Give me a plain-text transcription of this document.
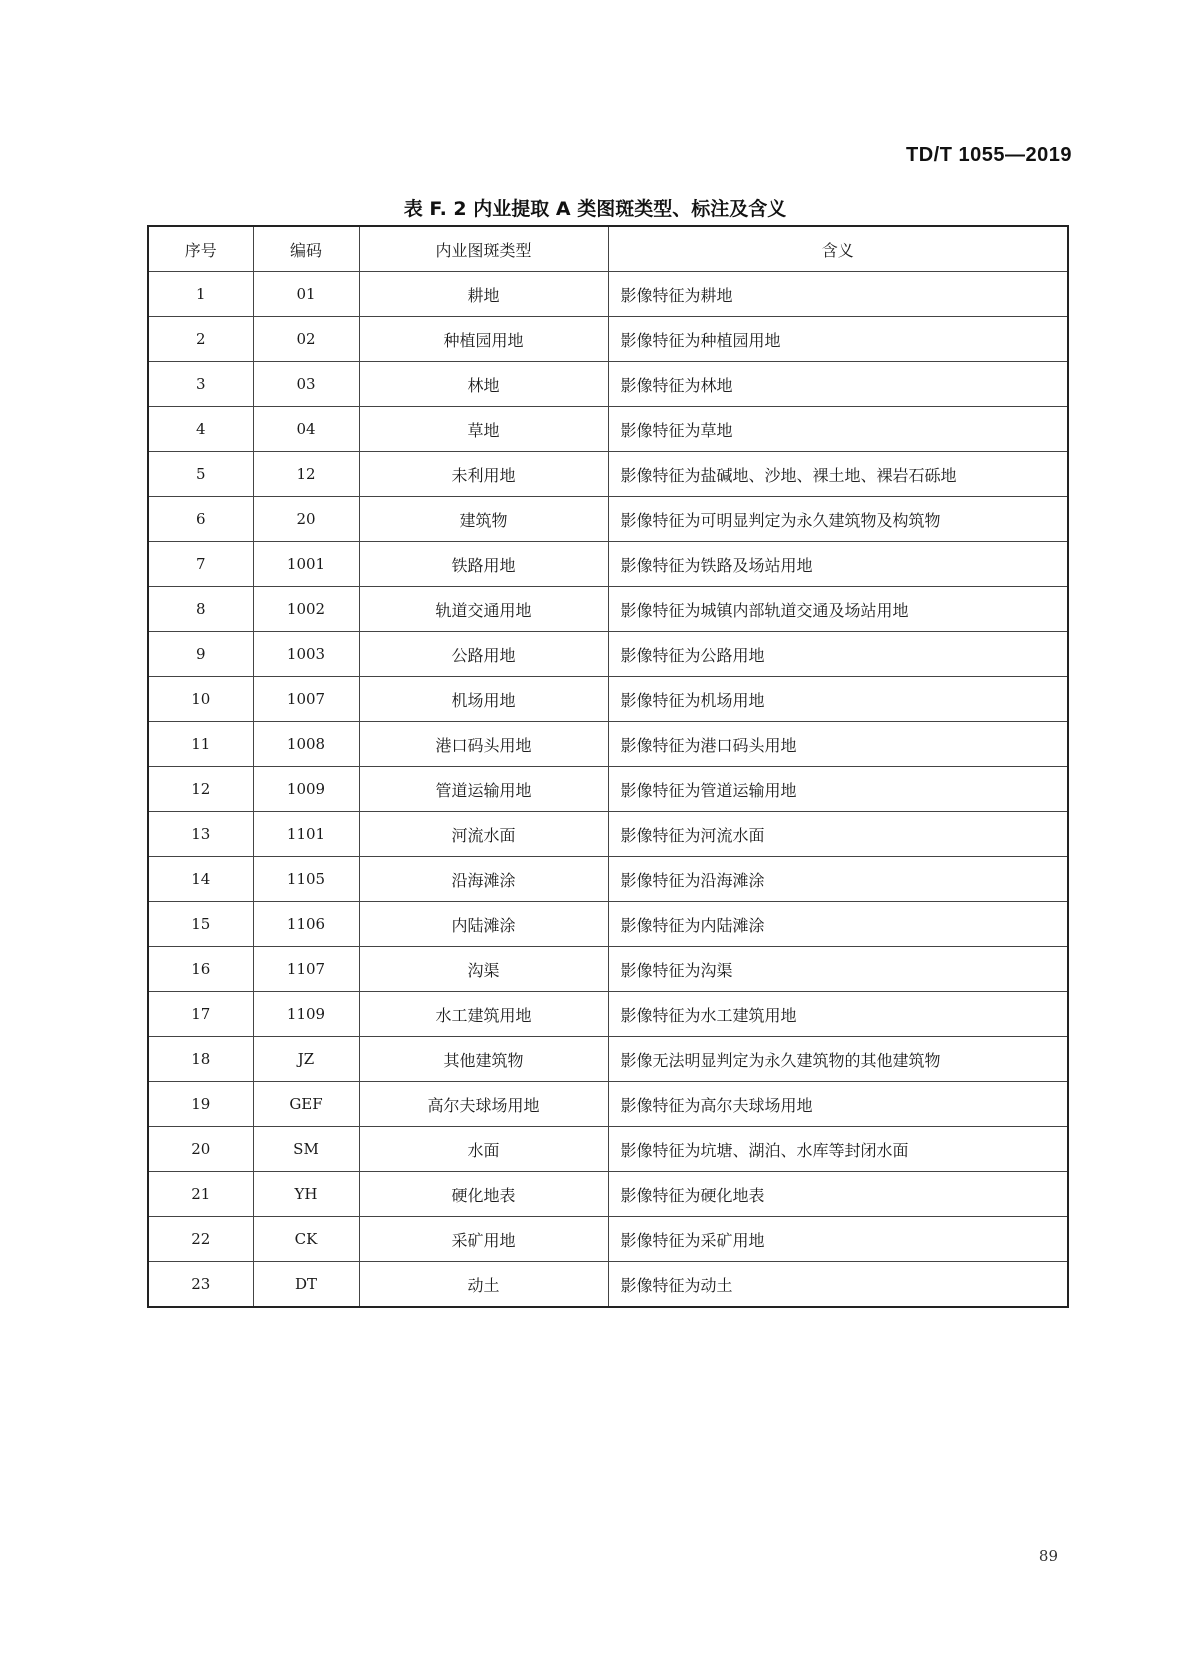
TD/T 1055—2019
表 F. 2 内业提取 A 类图斑类型、标注及含义
序号	编码	内业图斑类型	含义
1	01	耕地	影像特征为耕地
2	02	种植园用地	影像特征为种植园用地
3	03	林地	影像特征为林地
4	04	草地	影像特征为草地
5	12	未利用地	影像特征为盐碱地、沙地、裸土地、裸岩石砾地
6	20	建筑物	影像特征为可明显判定为永久建筑物及构筑物
7	1001	铁路用地	影像特征为铁路及场站用地
8	1002	轨道交通用地	影像特征为城镇内部轨道交通及场站用地
9	1003	公路用地	影像特征为公路用地
10	1007	机场用地	影像特征为机场用地
11	1008	港口码头用地	影像特征为港口码头用地
12	1009	管道运输用地	影像特征为管道运输用地
13	1101	河流水面	影像特征为河流水面
14	1105	沿海滩涂	影像特征为沿海滩涂
15	1106	内陆滩涂	影像特征为内陆滩涂
16	1107	沟渠	影像特征为沟渠
17	1109	水工建筑用地	影像特征为水工建筑用地
18	JZ	其他建筑物	影像无法明显判定为永久建筑物的其他建筑物
19	GEF	高尔夫球场用地	影像特征为高尔夫球场用地
20	SM	水面	影像特征为坑塘、湖泊、水库等封闭水面
21	YH	硬化地表	影像特征为硬化地表
22	CK	采矿用地	影像特征为采矿用地
23	DT	动土	影像特征为动土
89
